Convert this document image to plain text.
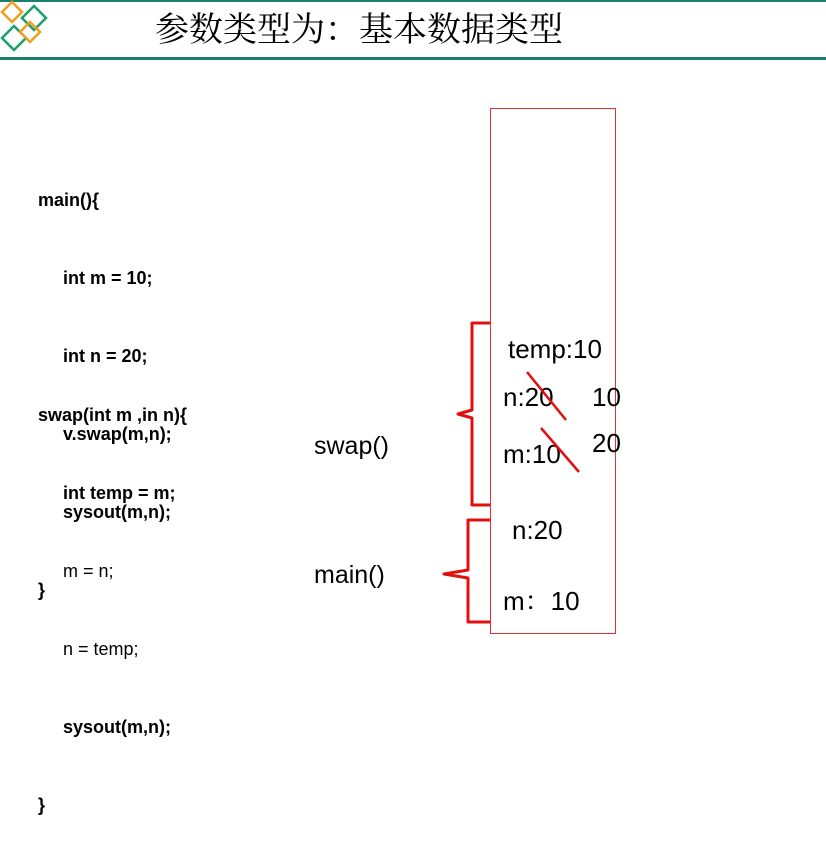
参数类型为：基本数据类型

main(){

int m = 10;

int n = 20;

v.swap(m,n);

sysout(m,n);

}

swap(int m ,in n){

int temp = m;

m = n;

n = temp;

sysout(m,n);

}

temp:10
n:20 10
m:10 20
n:20
m：10
swap()
main()
